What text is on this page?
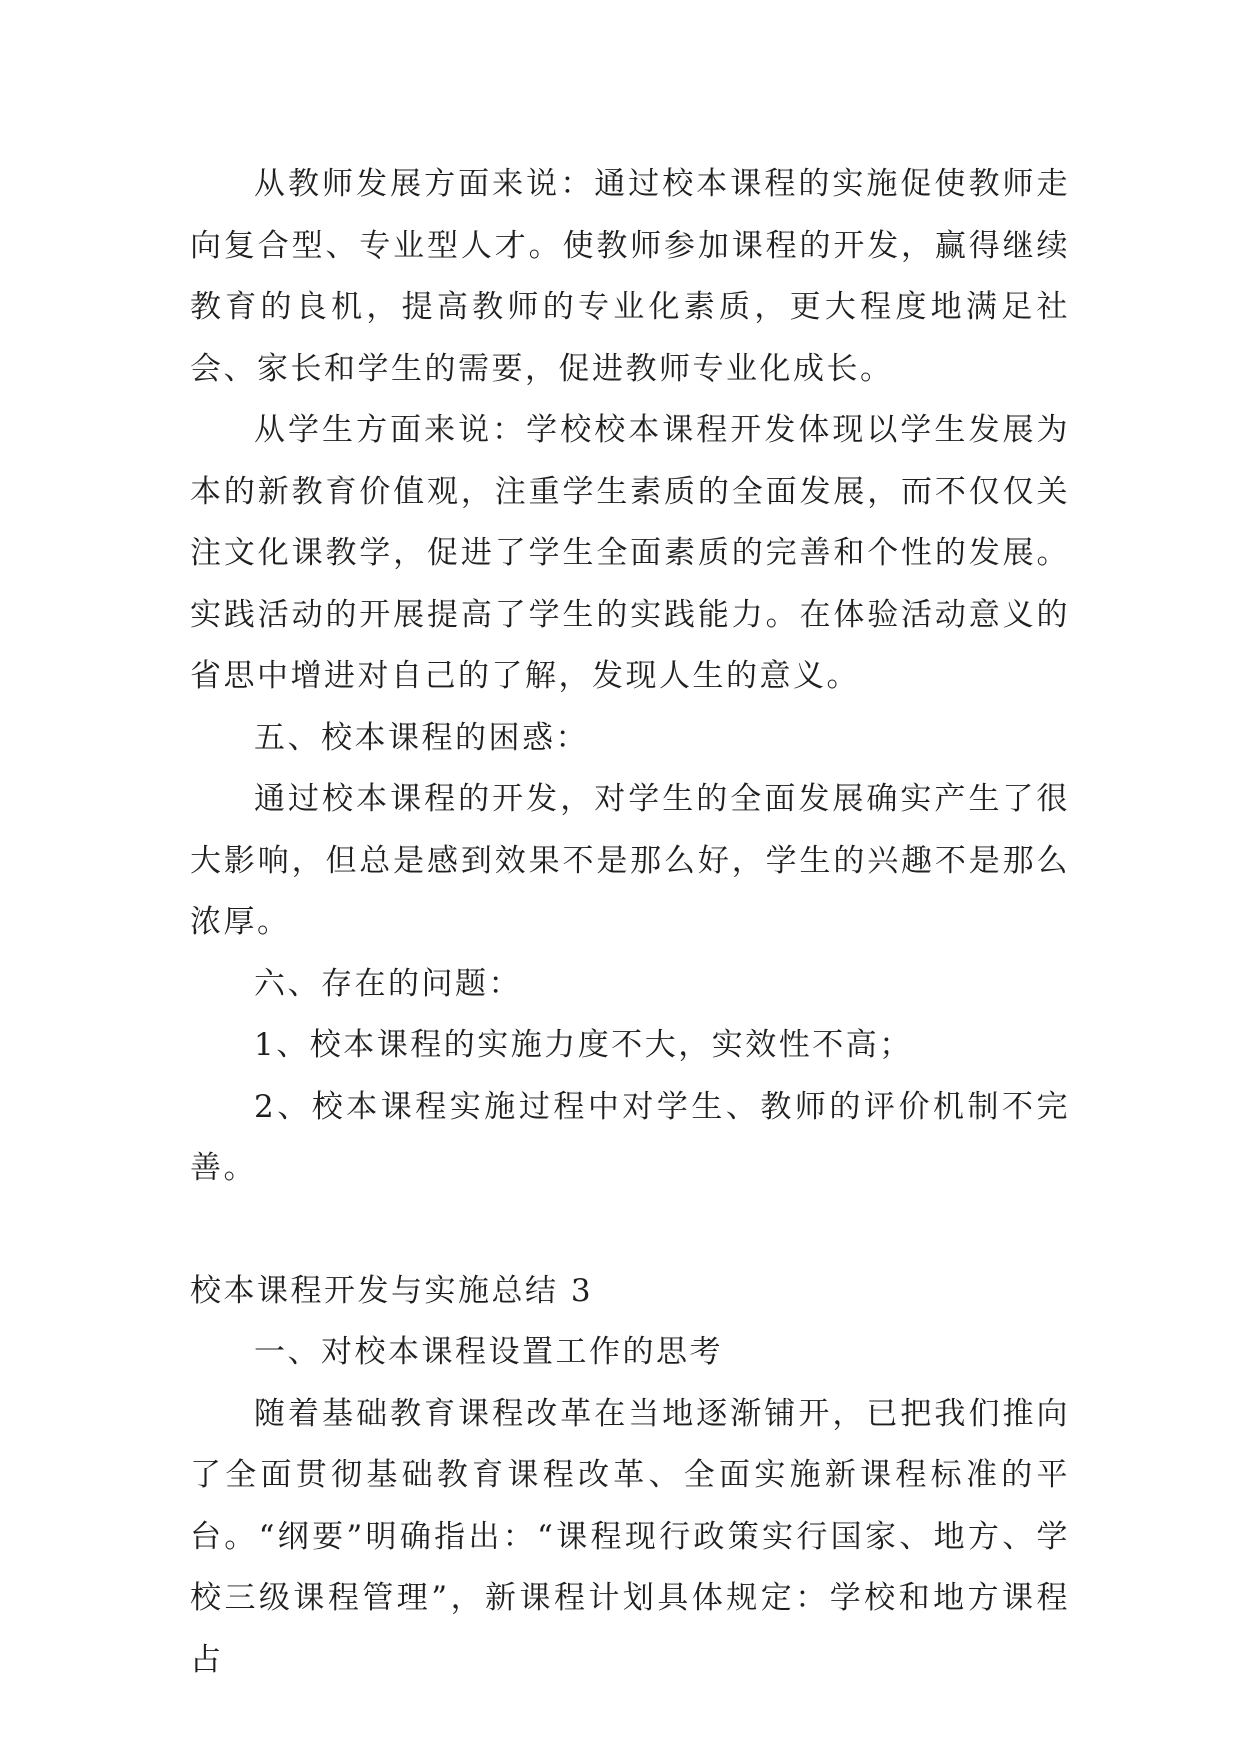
从教师发展方面来说：通过校本课程的实施促使教师走向复合型、专业型人才。使教师参加课程的开发，赢得继续教育的良机，提高教师的专业化素质，更大程度地满足社会、家长和学生的需要，促进教师专业化成长。

从学生方面来说：学校校本课程开发体现以学生发展为本的新教育价值观，注重学生素质的全面发展，而不仅仅关注文化课教学，促进了学生全面素质的完善和个性的发展。实践活动的开展提高了学生的实践能力。在体验活动意义的省思中增进对自己的了解，发现人生的意义。

五、校本课程的困惑：

通过校本课程的开发，对学生的全面发展确实产生了很大影响，但总是感到效果不是那么好，学生的兴趣不是那么浓厚。

六、存在的问题：

1、校本课程的实施力度不大，实效性不高；

2、校本课程实施过程中对学生、教师的评价机制不完善。

校本课程开发与实施总结 3

一、对校本课程设置工作的思考

随着基础教育课程改革在当地逐渐铺开，已把我们推向了全面贯彻基础教育课程改革、全面实施新课程标准的平台。“纲要”明确指出：“课程现行政策实行国家、地方、学校三级课程管理”，新课程计划具体规定：学校和地方课程占
